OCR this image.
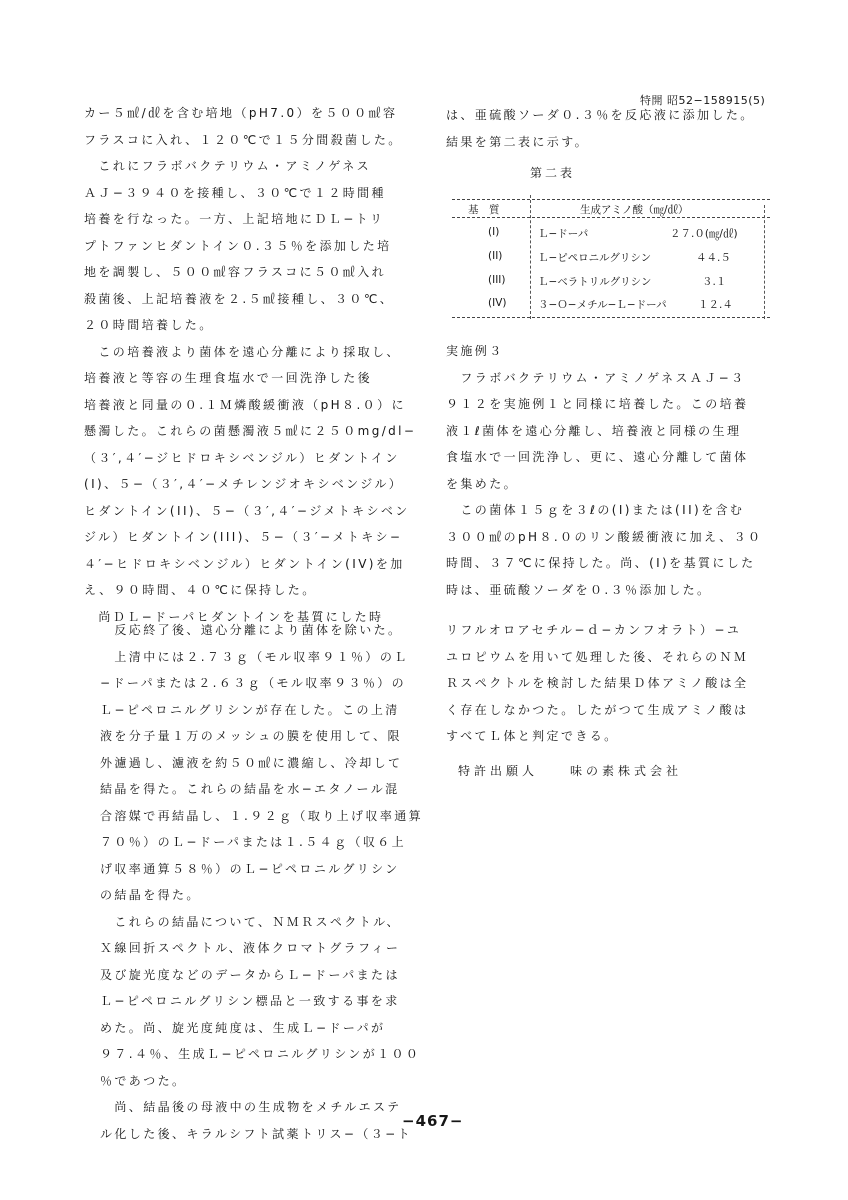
特開 昭52−158915(5)

カー５㎖/㎗を含む培地（pH7.0）を５００㎖容

フラスコに入れ、１２０℃で１５分間殺菌した。

　これにフラボバクテリウム・アミノゲネス

ＡＪ−３９４０を接種し、３０℃で１２時間種

培養を行なった。一方、上記培地にＤＬ−トリ

プトファンヒダントイン０.３５％を添加した培

地を調製し、５００㎖容フラスコに５０㎖入れ

殺菌後、上記培養液を２.５㎖接種し、３０℃、

２０時間培養した。

　この培養液より菌体を遠心分離により採取し、

培養液と等容の生理食塩水で一回洗浄した後

培養液と同量の０.１Ｍ燐酸緩衝液（pH８.０）に

懸濁した。これらの菌懸濁液５㎖に２５０mg/dl−

（３′,４′−ジヒドロキシベンジル）ヒダントイン

(I)、５−（３′,４′−メチレンジオキシベンジル）

ヒダントイン(II)、５−（３′,４′−ジメトキシベン

ジル）ヒダントイン(III)、５−（３′−メトキシ−

４′−ヒドロキシベンジル）ヒダントイン(IV)を加

え、９０時間、４０℃に保持した。

　尚ＤＬ−ドーパヒダントインを基質にした時

は、亜硫酸ソーダ０.３％を反応液に添加した。

結果を第二表に示す。

第二表
基　質	生成アミノ酸（㎎/㎗）
(I)	Ｌ−ドーパ	２７.０(㎎/㎗)
(II)	Ｌ−ピペロニルグリシン	４４.５
(III)	Ｌ−ベラトリルグリシン	３.１
(IV)	３−Ｏ−メチル−Ｌ−ドーパ	１２.４

実施例３

　フラボバクテリウム・アミノゲネスＡＪ−３

９１２を実施例１と同様に培養した。この培養

液１ℓ菌体を遠心分離し、培養液と同様の生理

食塩水で一回洗浄し、更に、遠心分離して菌体

を集めた。

　この菌体１５ｇを３ℓの(I)または(II)を含む

３００㎖のpH８.０のリン酸緩衝液に加え、３０

時間、３７℃に保持した。尚、(I)を基質にした

時は、亜硫酸ソーダを０.３％添加した。

　反応終了後、遠心分離により菌体を除いた。

　上清中には２.７３ｇ（モル収率９１％）のＬ

−ドーパまたは２.６３ｇ（モル収率９３％）の

Ｌ−ピペロニルグリシンが存在した。この上清

液を分子量１万のメッシュの膜を使用して、限

外濾過し、濾液を約５０㎖に濃縮し、冷却して

結晶を得た。これらの結晶を水−エタノール混

合溶媒で再結晶し、１.９２ｇ（取り上げ収率通算

７０％）のＬ−ドーパまたは１.５４ｇ（収６上

げ収率通算５８％）のＬ−ピペロニルグリシン

の結晶を得た。

　これらの結晶について、ＮＭＲスペクトル、

Ｘ線回折スペクトル、液体クロマトグラフィー

及び旋光度などのデータからＬ−ドーパまたは

Ｌ−ピペロニルグリシン標品と一致する事を求

めた。尚、旋光度純度は、生成Ｌ−ドーパが

９７.４％、生成Ｌ−ピペロニルグリシンが１００

％であつた。

　尚、結晶後の母液中の生成物をメチルエステ

ル化した後、キラルシフト試薬トリス−（３−ト

リフルオロアセチル−ｄ−カンフオラト）−ユ

ユロピウムを用いて処理した後、それらのＮＭ

Ｒスペクトルを検討した結果Ｄ体アミノ酸は全

く存在しなかつた。したがつて生成アミノ酸は

すべてＬ体と判定できる。

特許出願人　　味の素株式会社
−467−
